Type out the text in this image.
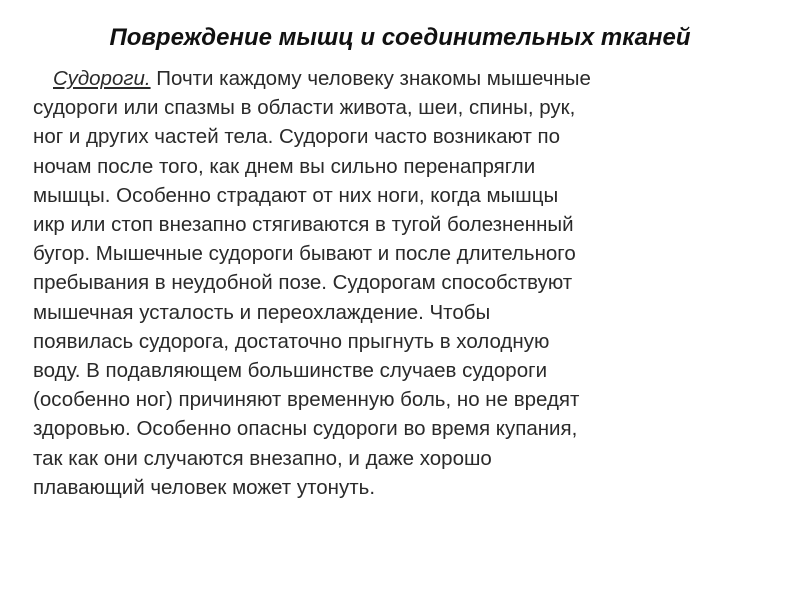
Повреждение мышц и соединительных тканей
Судороги. Почти каждому человеку знакомы мышечные
судороги или спазмы в области живота, шеи, спины, рук,
ног и других частей тела. Судороги часто возникают по
ночам после того, как днем вы сильно перенапрягли
мышцы. Особенно страдают от них ноги, когда мышцы
икр или стоп внезапно стягиваются в тугой болезненный
бугор. Мышечные судороги бывают и после длительного
пребывания в неудобной позе. Судорогам способствуют
мышечная усталость и переохлаждение. Чтобы
появилась судорога, достаточно прыгнуть в холодную
воду. В подавляющем большинстве случаев судороги
(особенно ног) причиняют временную боль, но не вредят
здоровью. Особенно опасны судороги во время купания,
так как они случаются внезапно, и даже хорошо
плавающий человек может утонуть.
